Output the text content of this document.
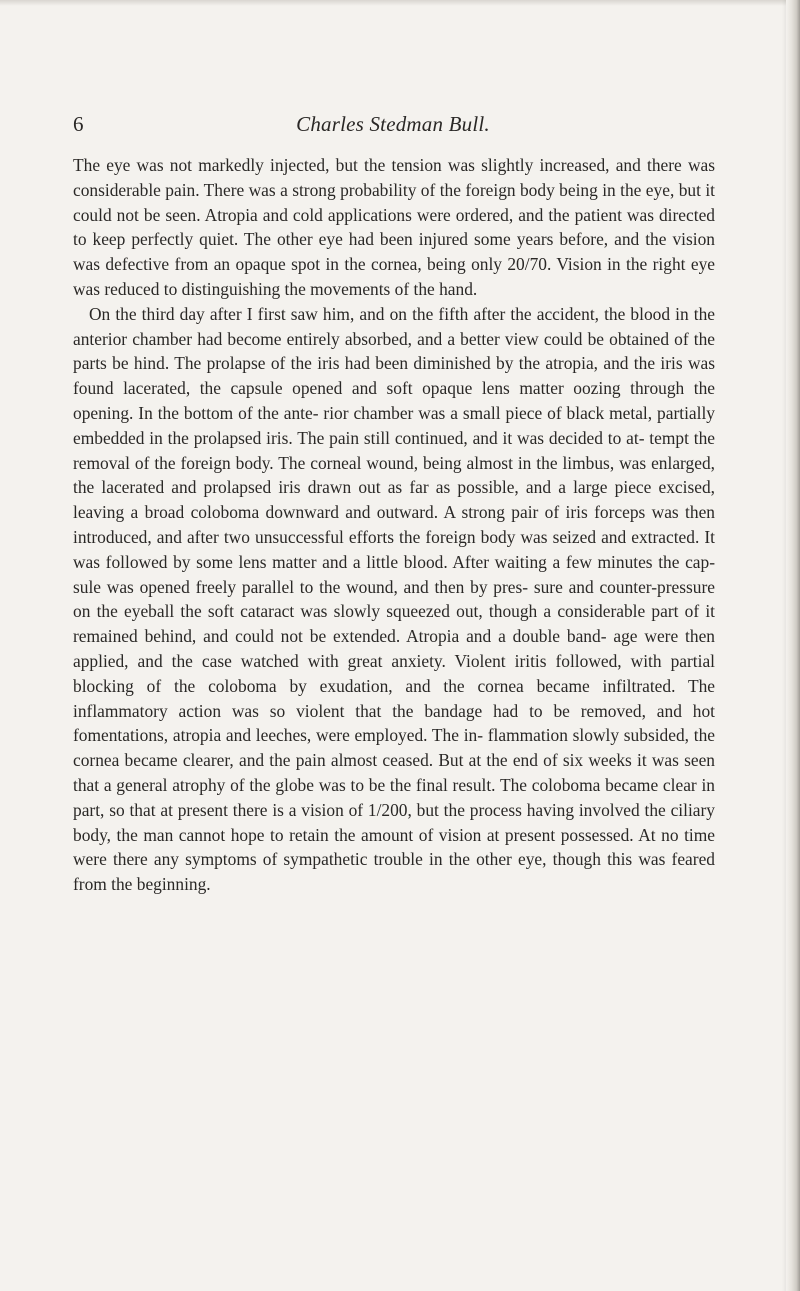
6	Charles Stedman Bull.

The eye was not markedly injected, but the tension was slightly increased, and there was considerable pain. There was a strong probability of the foreign body being in the eye, but it could not be seen. Atropia and cold applications were ordered, and the patient was directed to keep perfectly quiet. The other eye had been injured some years before, and the vision was defective from an opaque spot in the cornea, being only 20/70. Vision in the right eye was reduced to distinguishing the movements of the hand.

On the third day after I first saw him, and on the fifth after the accident, the blood in the anterior chamber had become entirely absorbed, and a better view could be obtained of the parts be hind. The prolapse of the iris had been diminished by the atropia, and the iris was found lacerated, the capsule opened and soft opaque lens matter oozing through the opening. In the bottom of the ante- rior chamber was a small piece of black metal, partially embedded in the prolapsed iris. The pain still continued, and it was decided to at- tempt the removal of the foreign body. The corneal wound, being almost in the limbus, was enlarged, the lacerated and prolapsed iris drawn out as far as possible, and a large piece excised, leaving a broad coloboma downward and outward. A strong pair of iris forceps was then introduced, and after two unsuccessful efforts the foreign body was seized and extracted. It was followed by some lens matter and a little blood. After waiting a few minutes the cap- sule was opened freely parallel to the wound, and then by pres- sure and counter-pressure on the eyeball the soft cataract was slowly squeezed out, though a considerable part of it remained behind, and could not be extended. Atropia and a double band- age were then applied, and the case watched with great anxiety. Violent iritis followed, with partial blocking of the coloboma by exudation, and the cornea became infiltrated. The inflammatory action was so violent that the bandage had to be removed, and hot fomentations, atropia and leeches, were employed. The in- flammation slowly subsided, the cornea became clearer, and the pain almost ceased. But at the end of six weeks it was seen that a general atrophy of the globe was to be the final result. The coloboma became clear in part, so that at present there is a vision of 1/200, but the process having involved the ciliary body, the man cannot hope to retain the amount of vision at present possessed. At no time were there any symptoms of sympathetic trouble in the other eye, though this was feared from the beginning.
